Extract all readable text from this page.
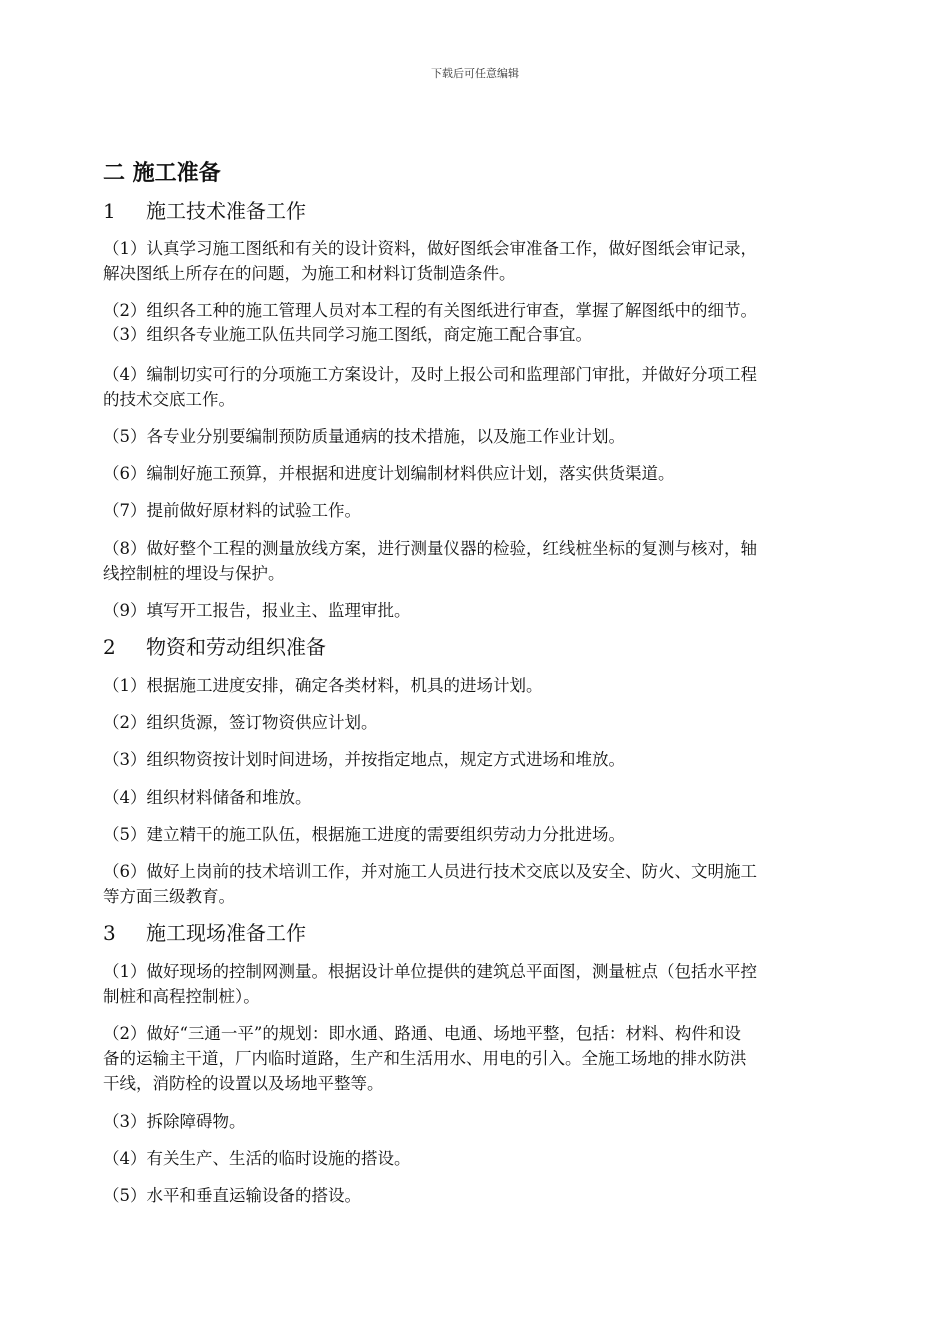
下载后可任意编辑
二 施工准备
1 施工技术准备工作
（1）认真学习施工图纸和有关的设计资料，做好图纸会审准备工作，做好图纸会审记录，
解决图纸上所存在的问题，为施工和材料订货制造条件。
（2）组织各工种的施工管理人员对本工程的有关图纸进行审查，掌握了解图纸中的细节。
（3）组织各专业施工队伍共同学习施工图纸，商定施工配合事宜。
（4）编制切实可行的分项施工方案设计，及时上报公司和监理部门审批，并做好分项工程
的技术交底工作。
（5）各专业分别要编制预防质量通病的技术措施，以及施工作业计划。
（6）编制好施工预算，并根据和进度计划编制材料供应计划，落实供货渠道。
（7）提前做好原材料的试验工作。
（8）做好整个工程的测量放线方案，进行测量仪器的检验，红线桩坐标的复测与核对，轴
线控制桩的埋设与保护。
（9）填写开工报告，报业主、监理审批。
2 物资和劳动组织准备
（1）根据施工进度安排，确定各类材料，机具的进场计划。
（2）组织货源，签订物资供应计划。
（3）组织物资按计划时间进场，并按指定地点，规定方式进场和堆放。
（4）组织材料储备和堆放。
（5）建立精干的施工队伍，根据施工进度的需要组织劳动力分批进场。
（6）做好上岗前的技术培训工作，并对施工人员进行技术交底以及安全、防火、文明施工
等方面三级教育。
3 施工现场准备工作
（1）做好现场的控制网测量。根据设计单位提供的建筑总平面图，测量桩点（包括水平控
制桩和高程控制桩）。
（2）做好“三通一平”的规划：即水通、路通、电通、场地平整，包括：材料、构件和设
备的运输主干道，厂内临时道路，生产和生活用水、用电的引入。全施工场地的排水防洪
干线，消防栓的设置以及场地平整等。
（3）拆除障碍物。
（4）有关生产、生活的临时设施的搭设。
（5）水平和垂直运输设备的搭设。
